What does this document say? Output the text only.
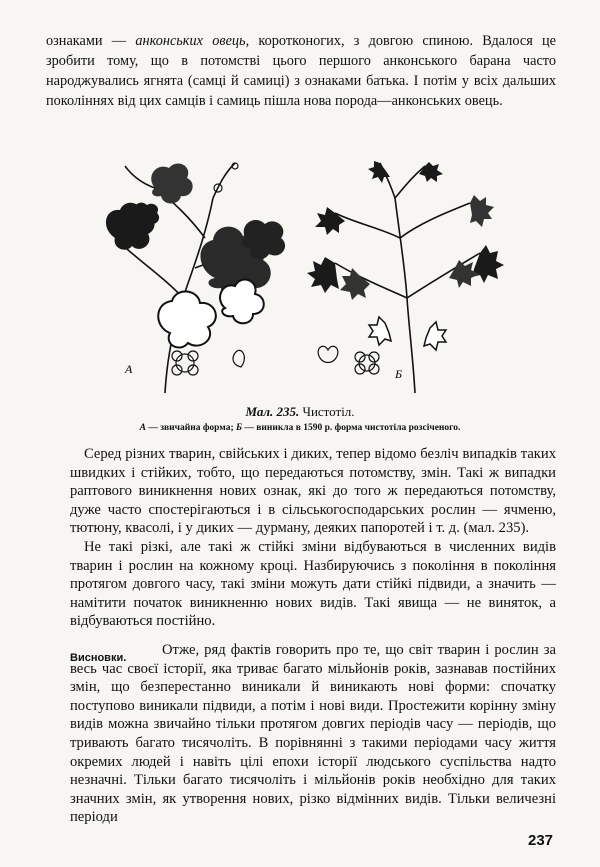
ознаками — анконських овець, коротконогих, з довгою спиною. Вдалося це зробити тому, що в потомстві цього першого анконського барана часто народжувались ягнята (самці й самиці) з ознаками батька. І потім у всіх дальших поколіннях від цих самців і самиць пішла нова порода—анконських овець.

А	Б
Мал. 235. Чистотіл.
А — звичайна форма; Б — виникла в 1590 р. форма чистотіла розсіченого.

Серед різних тварин, свійських і диких, тепер відомо безліч випадків таких швидких і стійких, тобто, що передаються потомству, змін. Такі ж випадки раптового виникнення нових ознак, які до того ж передаються потомству, дуже часто спостерігаються і в сільськогосподарських рослин — ячменю, тютюну, квасолі, і у диких — дурману, деяких папоротей і т. д. (мал. 235).

Не такі різкі, але такі ж стійкі зміни відбуваються в численних видів тварин і рослин на кожному кроці. Назбируючись з покоління в покоління протягом довгого часу, такі зміни можуть дати стійкі підвиди, а значить — намітити початок виникненню нових видів. Такі явища — не виняток, а відбуваються постійно.

Висновки.	Отже, ряд фактів говорить про те, що світ тварин і рослин за весь час своєї історії, яка триває багато мільйонів років, зазнавав постійних змін, що безперестанно виникали й виникають нові форми: спочатку поступово виникали підвиди, а потім і нові види. Простежити корінну зміну видів можна звичайно тільки протягом довгих періодів часу — періодів, що тривають багато тисячоліть. В порівнянні з такими періодами часу життя окремих людей і навіть цілі епохи історії людського суспільства надто незначні. Тільки багато тисячоліть і мільйонів років необхідно для таких значних змін, як утворення нових, різко відмінних видів. Тільки величезні періоди

237
